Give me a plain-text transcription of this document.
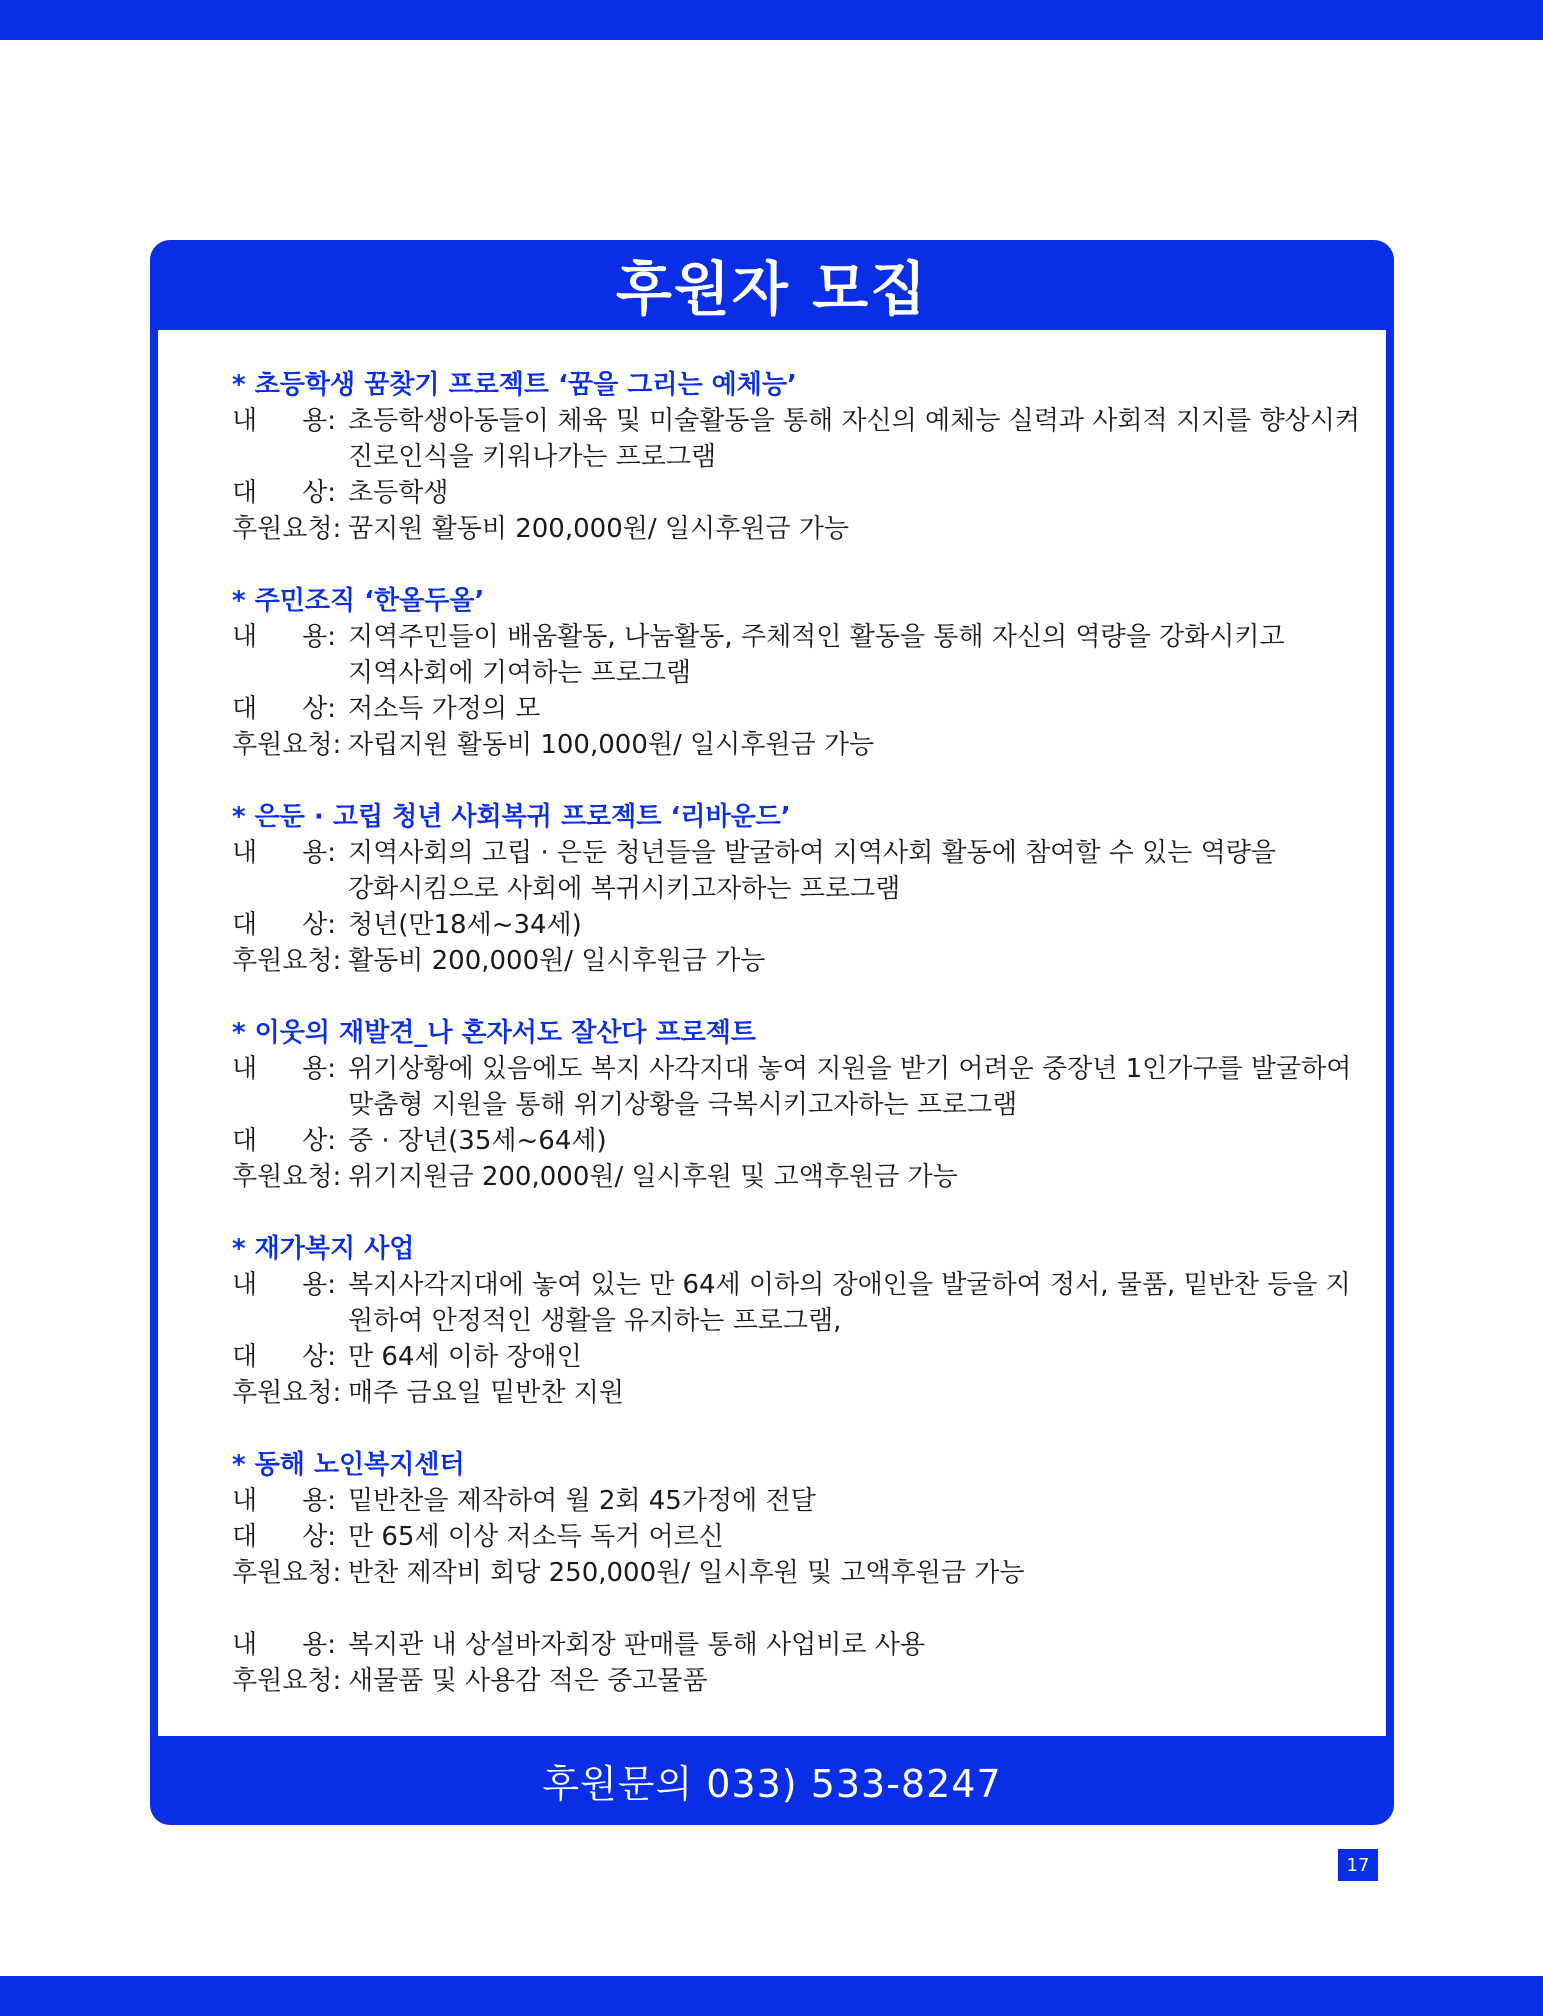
후원자 모집
후원문의 033) 533-8247
* 초등학생 꿈찾기 프로젝트 ‘꿈을 그리는 예체능’
내 용: 초등학생아동들이 체육 및 미술활동을 통해 자신의 예체능 실력과 사회적 지지를 향상시켜
진로인식을 키워나가는 프로그램
대 상: 초등학생
후원요청: 꿈지원 활동비 200,000원/ 일시후원금 가능
* 주민조직 ‘한올두올’
내 용: 지역주민들이 배움활동, 나눔활동, 주체적인 활동을 통해 자신의 역량을 강화시키고
지역사회에 기여하는 프로그램
대 상: 저소득 가정의 모
후원요청: 자립지원 활동비 100,000원/ 일시후원금 가능
* 은둔 · 고립 청년 사회복귀 프로젝트 ‘리바운드’
내 용: 지역사회의 고립 · 은둔 청년들을 발굴하여 지역사회 활동에 참여할 수 있는 역량을
강화시킴으로 사회에 복귀시키고자하는 프로그램
대 상: 청년(만18세~34세)
후원요청: 활동비 200,000원/ 일시후원금 가능
* 이웃의 재발견_나 혼자서도 잘산다 프로젝트
내 용: 위기상황에 있음에도 복지 사각지대 놓여 지원을 받기 어려운 중장년 1인가구를 발굴하여
맞춤형 지원을 통해 위기상황을 극복시키고자하는 프로그램
대 상: 중 · 장년(35세~64세)
후원요청: 위기지원금 200,000원/ 일시후원 및 고액후원금 가능
* 재가복지 사업
내 용: 복지사각지대에 놓여 있는 만 64세 이하의 장애인을 발굴하여 정서, 물품, 밑반찬 등을 지
원하여 안정적인 생활을 유지하는 프로그램,
대 상: 만 64세 이하 장애인
후원요청: 매주 금요일 밑반찬 지원
* 동해 노인복지센터
내 용: 밑반찬을 제작하여 월 2회 45가정에 전달
대 상: 만 65세 이상 저소득 독거 어르신
후원요청: 반찬 제작비 회당 250,000원/ 일시후원 및 고액후원금 가능
내 용: 복지관 내 상설바자회장 판매를 통해 사업비로 사용
후원요청: 새물품 및 사용감 적은 중고물품
17
